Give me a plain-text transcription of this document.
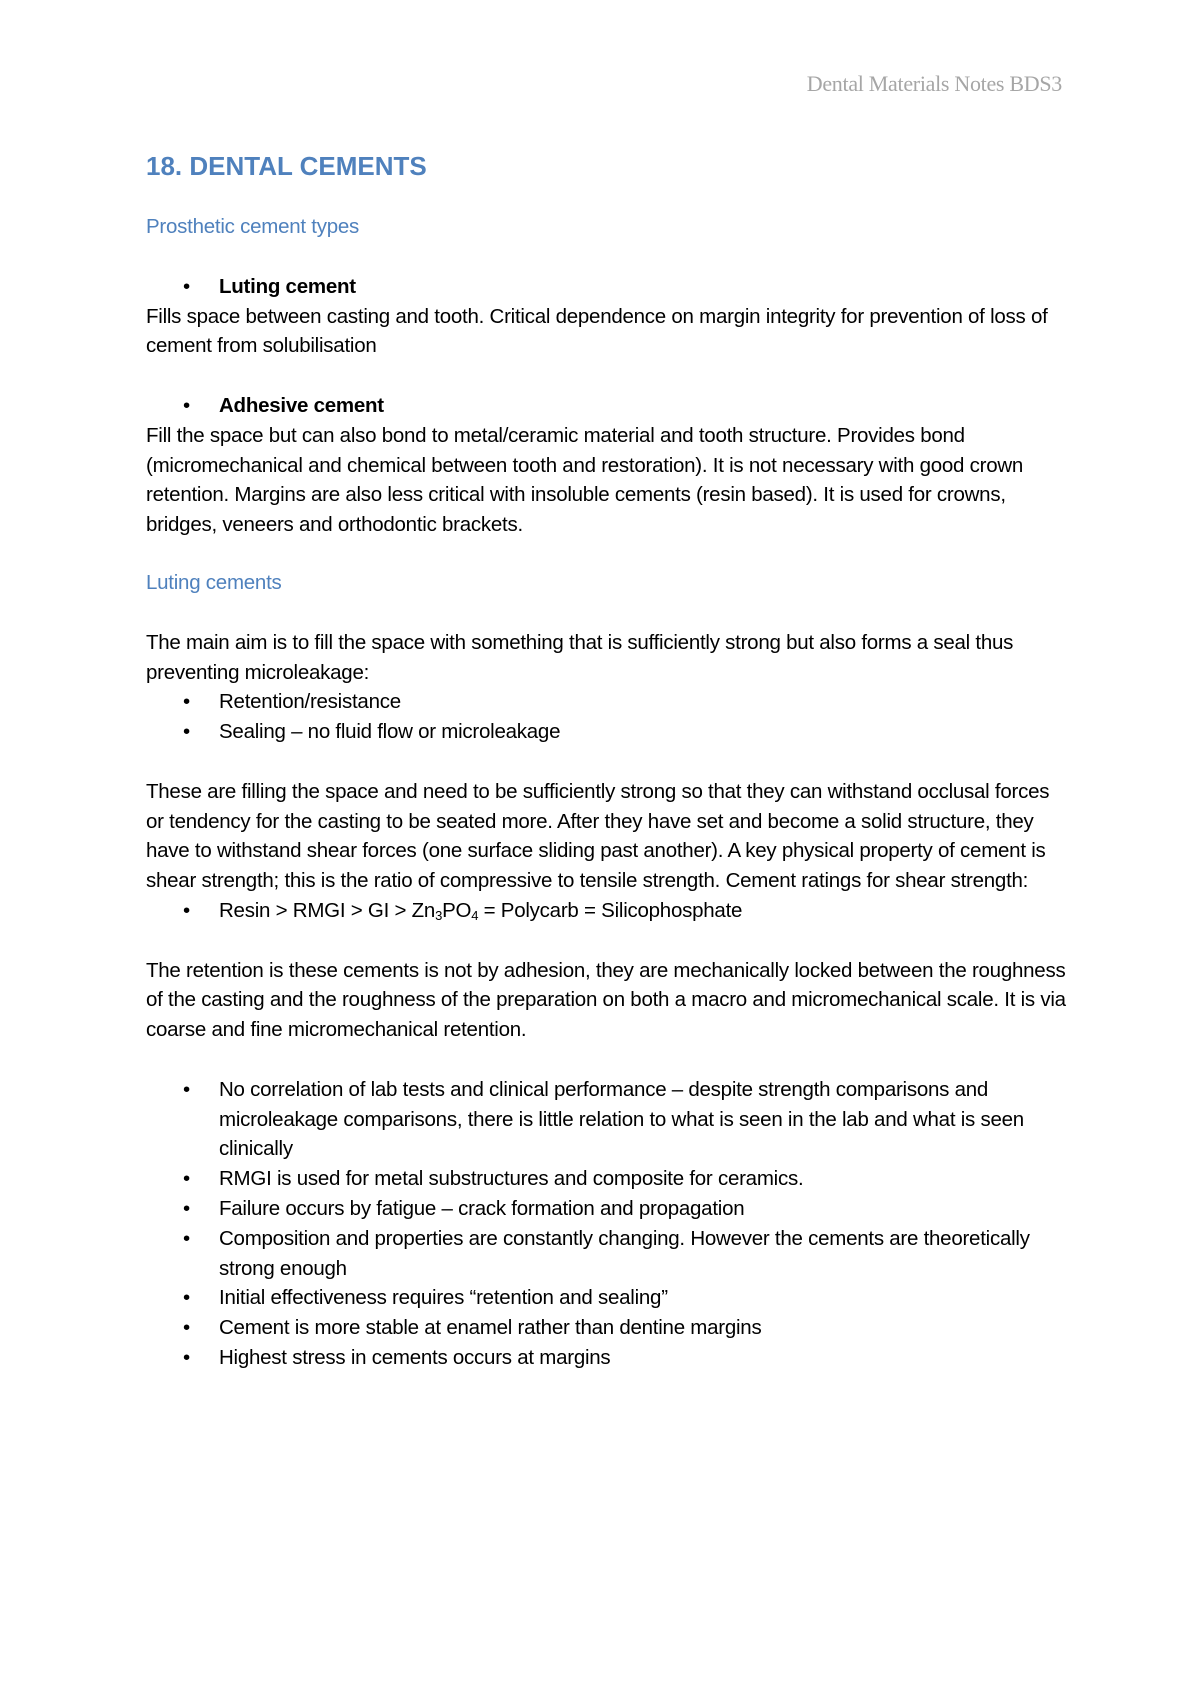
Dental Materials Notes BDS3
18. DENTAL CEMENTS
Prosthetic cement types
• Luting cement

Fills space between casting and tooth. Critical dependence on margin integrity for prevention of loss of cement from solubilisation

• Adhesive cement

Fill the space but can also bond to metal/ceramic material and tooth structure. Provides bond (micromechanical and chemical between tooth and restoration). It is not necessary with good crown retention. Margins are also less critical with insoluble cements (resin based). It is used for crowns, bridges, veneers and orthodontic brackets.

Luting cements

The main aim is to fill the space with something that is sufficiently strong but also forms a seal thus preventing microleakage:

• Retention/resistance
• Sealing – no fluid flow or microleakage

These are filling the space and need to be sufficiently strong so that they can withstand occlusal forces or tendency for the casting to be seated more. After they have set and become a solid structure, they have to withstand shear forces (one surface sliding past another). A key physical property of cement is shear strength; this is the ratio of compressive to tensile strength. Cement ratings for shear strength:

• Resin > RMGI > GI > $Zn_3PO_4$ = Polycarb = Silicophosphate

The retention is these cements is not by adhesion, they are mechanically locked between the roughness of the casting and the roughness of the preparation on both a macro and micromechanical scale. It is via coarse and fine micromechanical retention.

• No correlation of lab tests and clinical performance – despite strength comparisons and microleakage comparisons, there is little relation to what is seen in the lab and what is seen clinically
• RMGI is used for metal substructures and composite for ceramics.
• Failure occurs by fatigue – crack formation and propagation
• Composition and properties are constantly changing. However the cements are theoretically strong enough
• Initial effectiveness requires “retention and sealing”
• Cement is more stable at enamel rather than dentine margins
• Highest stress in cements occurs at margins
